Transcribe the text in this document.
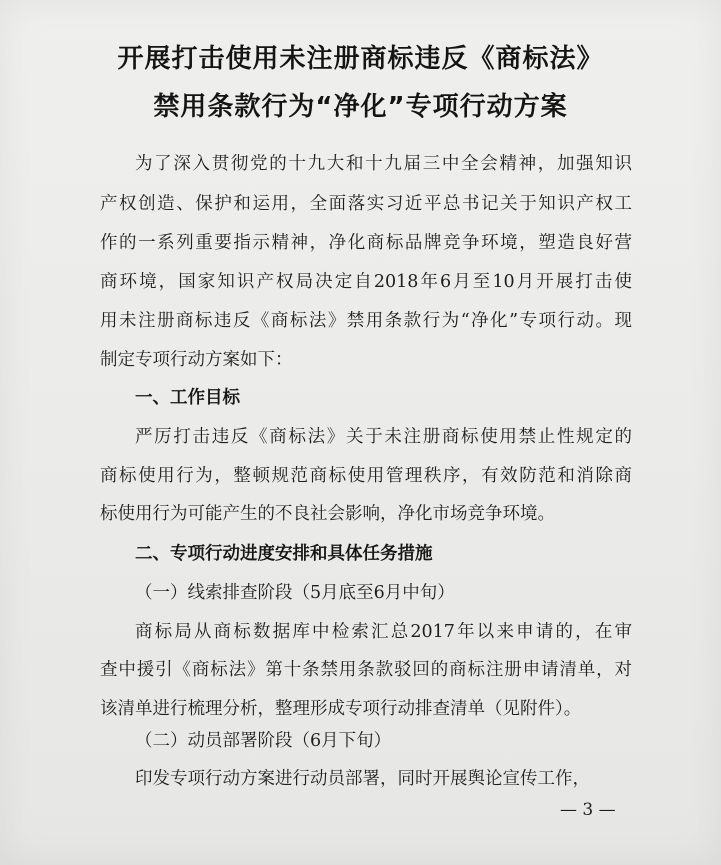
开展打击使用未注册商标违反《商标法》
禁用条款行为“净化”专项行动方案
为了深入贯彻党的十九大和十九届三中全会精神，加强知识
产权创造、保护和运用，全面落实习近平总书记关于知识产权工
作的一系列重要指示精神，净化商标品牌竞争环境，塑造良好营
商环境，国家知识产权局决定自2018年6月至10月开展打击使
用未注册商标违反《商标法》禁用条款行为“净化”专项行动。现
制定专项行动方案如下：
一、工作目标
严厉打击违反《商标法》关于未注册商标使用禁止性规定的
商标使用行为，整顿规范商标使用管理秩序，有效防范和消除商
标使用行为可能产生的不良社会影响，净化市场竞争环境。
二、专项行动进度安排和具体任务措施
（一）线索排查阶段（5月底至6月中旬）
商标局从商标数据库中检索汇总2017年以来申请的，在审
查中援引《商标法》第十条禁用条款驳回的商标注册申请清单，对
该清单进行梳理分析，整理形成专项行动排查清单（见附件）。
（二）动员部署阶段（6月下旬）
印发专项行动方案进行动员部署，同时开展舆论宣传工作，
— 3 —
